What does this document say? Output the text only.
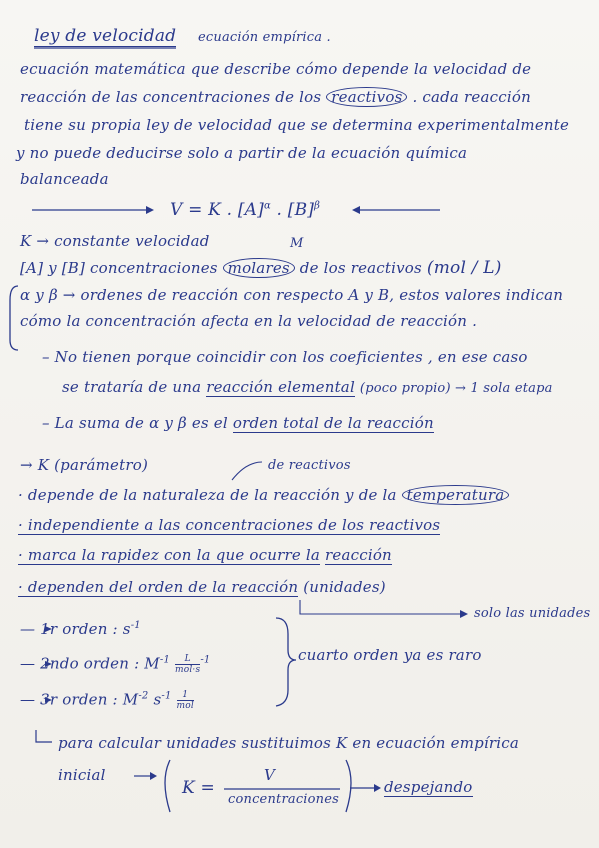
ley de velocidad ecuación empírica .
ecuación matemática que describe cómo depende la velocidad de
reacción de las concentraciones de los reactivos . cada reacción
tiene su propia ley de velocidad que se determina experimentalmente
y no puede deducirse solo a partir de la ecuación química
balanceada
V = K . $[A]^\alpha$ . $[B]^\beta$
K → constante velocidad	M
[A] y [B] concentraciones molares de los reactivos (mol / L)
α y β → ordenes de reacción con respecto A y B, estos valores indican
cómo la concentración afecta en la velocidad de reacción .
– No tienen porque coincidir con los coeficientes , en ese caso
se trataría de una reacción elemental (poco propio) → 1 sola etapa
– La suma de α y β es el orden total de la reacción
→ K (parámetro)	de reactivos
· depende de la naturaleza de la reacción y de la temperatura
· independiente a las concentraciones de los reactivos
· marca la rapidez con la que ocurre la reacción
· dependen del orden de la reacción (unidades)
solo las unidades
— 1r orden : $s^{-1}$
— 2ndo orden : $M^{-1}$	L
mol·s
$^{-1}$	cuarto orden ya es raro
— 3r orden : $M^{-2}$ $s^{-1}$	1
mol
para calcular unidades sustituimos K en ecuación empírica
inicial
K =
V
concentraciones
despejando
